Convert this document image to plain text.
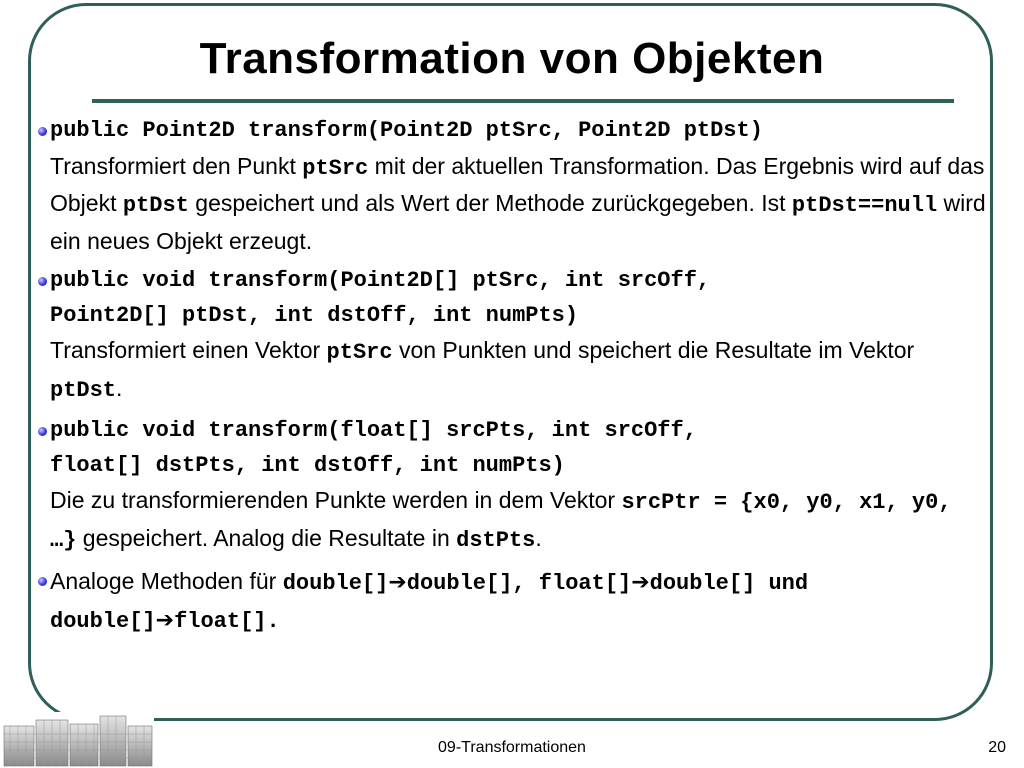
Transformation von Objekten
public Point2D transform(Point2D ptSrc, Point2D ptDst)
Transformiert den Punkt ptSrc mit der aktuellen Transformation. Das Ergebnis wird auf das Objekt ptDst gespeichert und als Wert der Methode zurückgegeben. Ist ptDst==null wird ein neues Objekt erzeugt.
public void transform(Point2D[] ptSrc, int srcOff,
Point2D[] ptDst, int dstOff, int numPts)
Transformiert einen Vektor ptSrc von Punkten und speichert die Resultate im Vektor ptDst.
public void transform(float[] srcPts, int srcOff,
float[] dstPts, int dstOff, int numPts)
Die zu transformierenden Punkte werden in dem Vektor srcPtr = {x0, y0, x1, y0, …} gespeichert. Analog die Resultate in dstPts.
Analoge Methoden für double[]➔double[], float[]➔double[] und double[]➔float[].
09-Transformationen	20
